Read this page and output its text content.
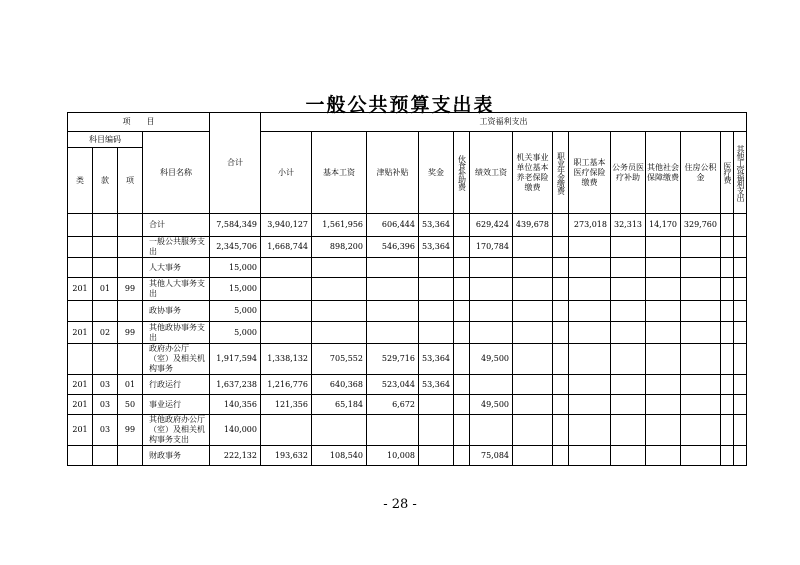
一般公共预算支出表
项　　目				合计	工资福利支出													
科目编码			科目名称		小计	基本工资	津贴补贴	奖金	伙食补助费	绩效工资	机关事业单位基本养老保险缴费	职业年金缴费	职工基本医疗保险缴费	公务员医疗补助	其他社会保障缴费	住房公积金	医疗费	其他工资福利支出

类	款	项																
			合计	7,584,349	3,940,127	1,561,956	606,444	53,364		629,424	439,678		273,018	32,313	14,170	329,760		
			一般公共服务支出	2,345,706	1,668,744	898,200	546,396	53,364		170,784								
			人大事务	15,000														
201	01	99	其他人大事务支出	15,000														
			政协事务	5,000														
201	02	99	其他政协事务支出	5,000														
			政府办公厅（室）及相关机构事务	1,917,594	1,338,132	705,552	529,716	53,364		49,500								
201	03	01	行政运行	1,637,238	1,216,776	640,368	523,044	53,364										
201	03	50	事业运行	140,356	121,356	65,184	6,672			49,500								
201	03	99	其他政府办公厅（室）及相关机构事务支出	140,000														
			财政事务	222,132	193,632	108,540	10,008			75,084								
- 28 -
